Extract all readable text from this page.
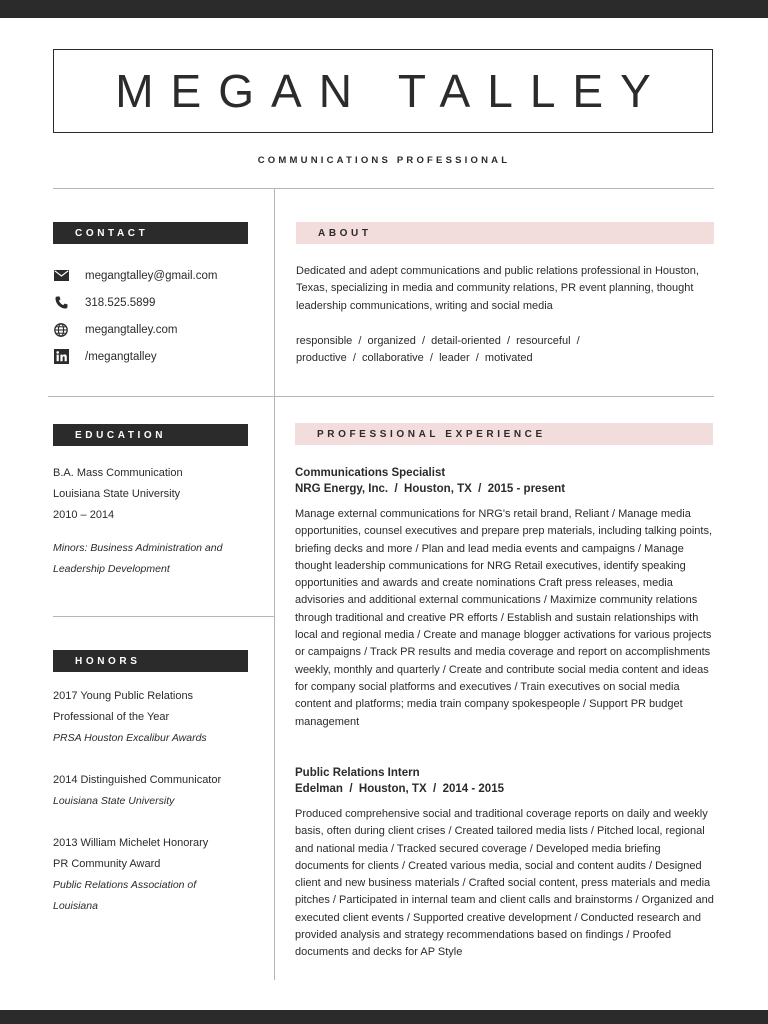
MEGAN TALLEY
COMMUNICATIONS PROFESSIONAL
CONTACT
megangtalley@gmail.com
318.525.5899
megangtalley.com
/megangtalley
ABOUT
Dedicated and adept communications and public relations professional in Houston, Texas, specializing in media and community relations, PR event planning, thought leadership communications, writing and social media
responsible  /  organized  /  detail-oriented  /  resourceful  /
productive  /  collaborative  /  leader  /  motivated
EDUCATION
B.A. Mass Communication
Louisiana State University
2010 – 2014
Minors: Business Administration and
Leadership Development
HONORS
2017 Young Public Relations
Professional of the Year
PRSA Houston Excalibur Awards
2014 Distinguished Communicator
Louisiana State University
2013 William Michelet Honorary
PR Community Award
Public Relations Association of
Louisiana
PROFESSIONAL EXPERIENCE
Communications Specialist
NRG Energy, Inc.  /  Houston, TX  /  2015 - present
Manage external communications for NRG's retail brand, Reliant / Manage media opportunities, counsel executives and prepare prep materials, including talking points, briefing decks and more / Plan and lead media events and campaigns / Manage thought leadership communications for NRG Retail executives, identify speaking opportunities and awards and create nominations Craft press releases, media advisories and additional external communications / Maximize community relations through traditional and creative PR efforts / Establish and sustain relationships with local and regional media / Create and manage blogger activations for various projects or campaigns / Track PR results and media coverage and report on accomplishments weekly, monthly and quarterly / Create and contribute social media content and ideas for company social platforms and executives / Train executives on social media content and platforms; media train company spokespeople / Support PR budget management
Public Relations Intern
Edelman  /  Houston, TX  /  2014 - 2015
Produced comprehensive social and traditional coverage reports on daily and weekly basis, often during client crises / Created tailored media lists / Pitched local, regional and national media / Tracked secured coverage / Developed media briefing documents for clients / Created various media, social and content audits / Designed client and new business materials / Crafted social content, press materials and media pitches / Participated in internal team and client calls and brainstorms / Organized and executed client events / Supported creative development / Conducted research and provided analysis and strategy recommendations based on findings / Proofed documents and decks for AP Style
